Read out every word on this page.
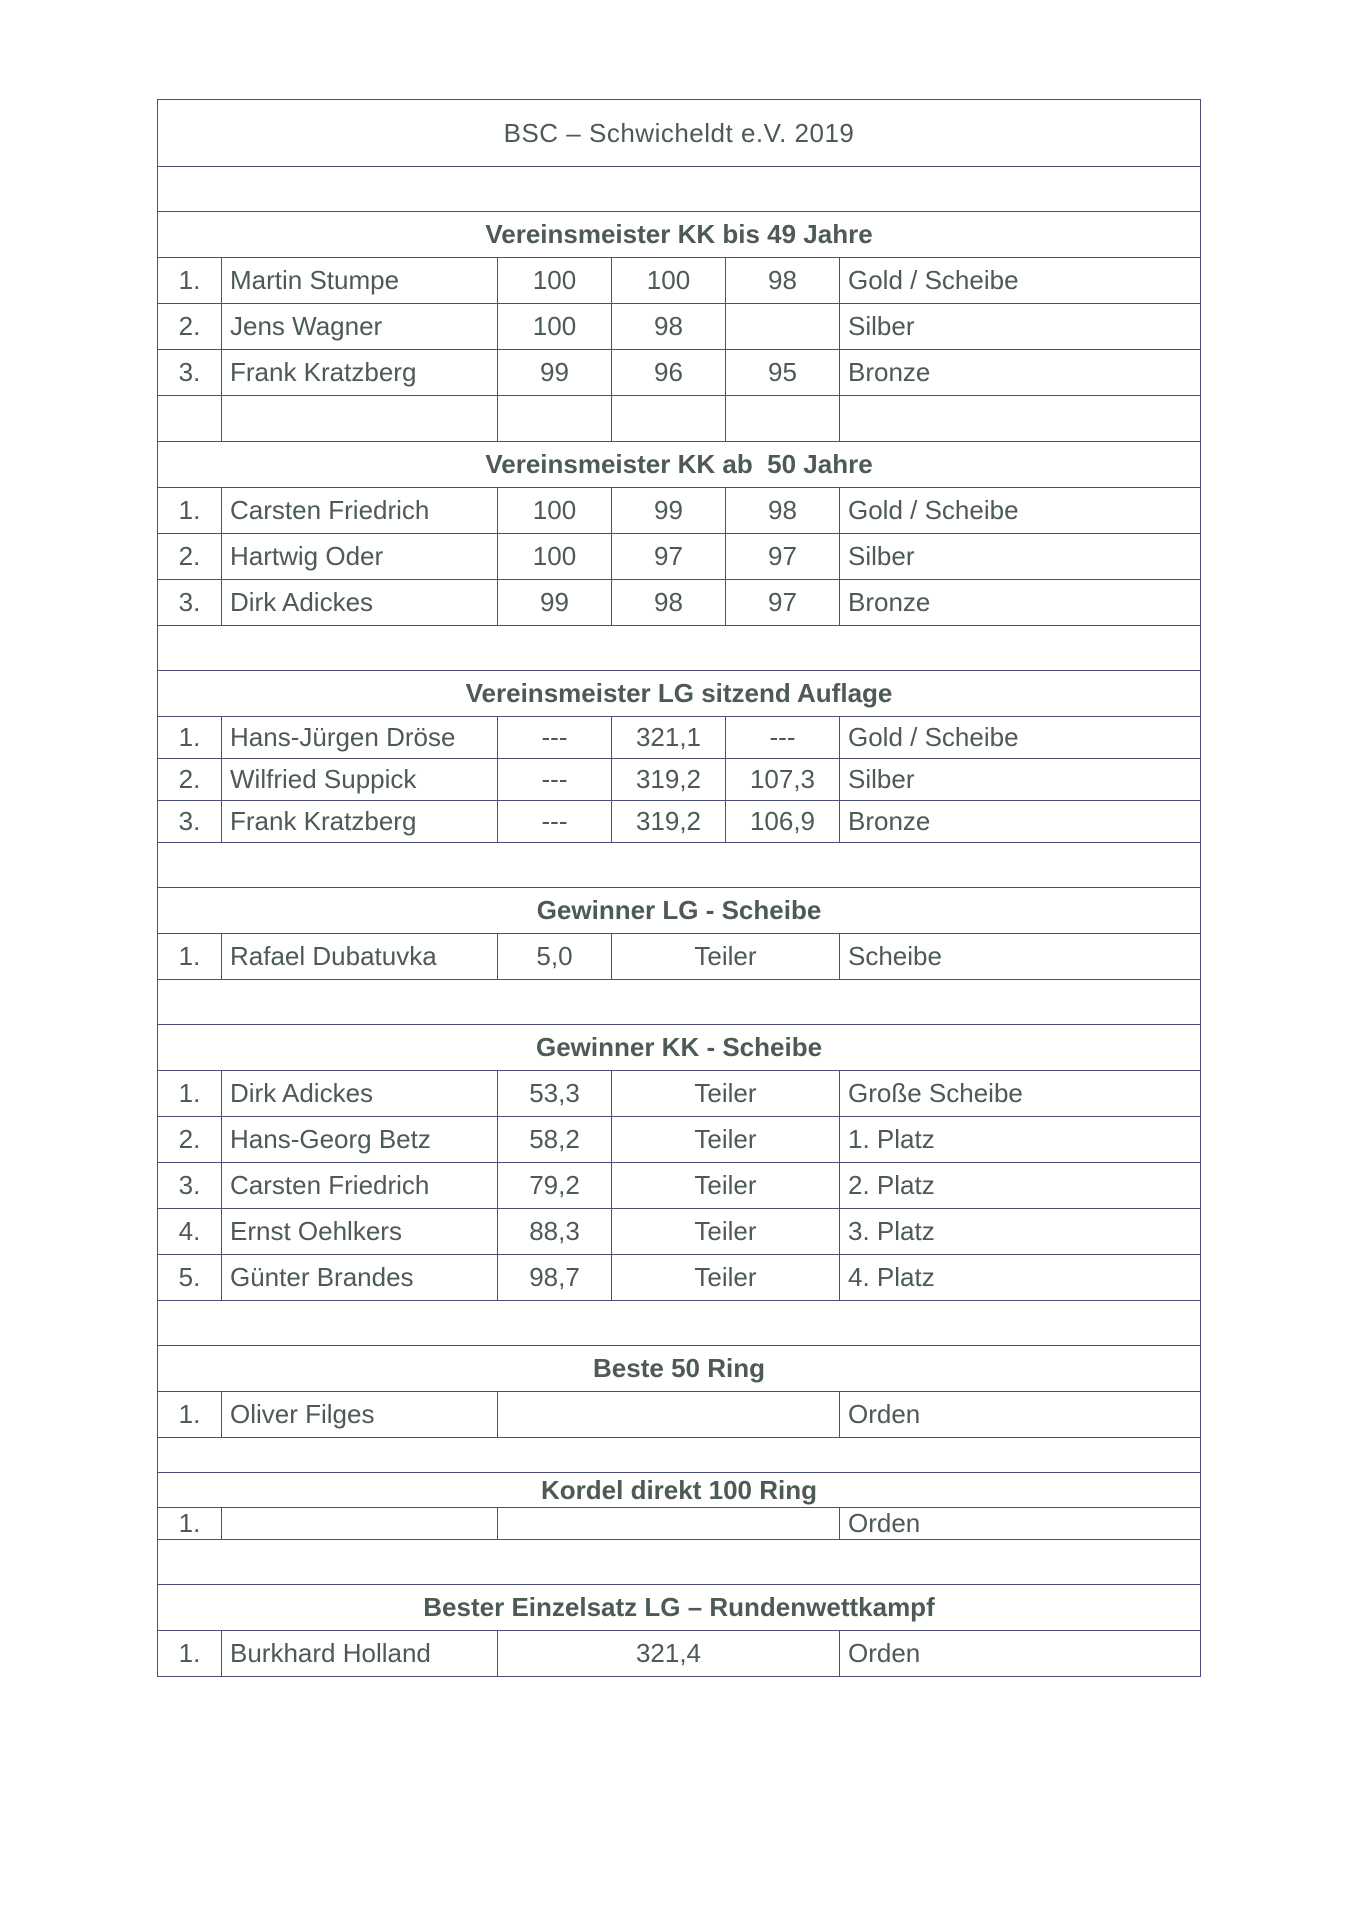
BSC – Schwicheldt e.V. 2019					

Vereinsmeister KK bis 49 Jahre					
1.	Martin Stumpe	100	100	98	Gold / Scheibe
2.	Jens Wagner	100	98		Silber
3.	Frank Kratzberg	99	96	95	Bronze

Vereinsmeister KK ab  50 Jahre					
1.	Carsten Friedrich	100	99	98	Gold / Scheibe
2.	Hartwig Oder	100	97	97	Silber
3.	Dirk Adickes	99	98	97	Bronze

Vereinsmeister LG sitzend Auflage					
1.	Hans-Jürgen Dröse	---	321,1	---	Gold / Scheibe
2.	Wilfried Suppick	---	319,2	107,3	Silber
3.	Frank Kratzberg	---	319,2	106,9	Bronze

Gewinner LG - Scheibe					
1.	Rafael Dubatuvka	5,0	Teiler		Scheibe

Gewinner KK - Scheibe					
1.	Dirk Adickes	53,3	Teiler		Große Scheibe
2.	Hans-Georg Betz	58,2	Teiler		1. Platz
3.	Carsten Friedrich	79,2	Teiler		2. Platz
4.	Ernst Oehlkers	88,3	Teiler		3. Platz
5.	Günter Brandes	98,7	Teiler		4. Platz

Beste 50 Ring					
1.	Oliver Filges				Orden

Kordel direkt 100 Ring					
1.					Orden

Bester Einzelsatz LG – Rundenwettkampf					
1.	Burkhard Holland	321,4			Orden
